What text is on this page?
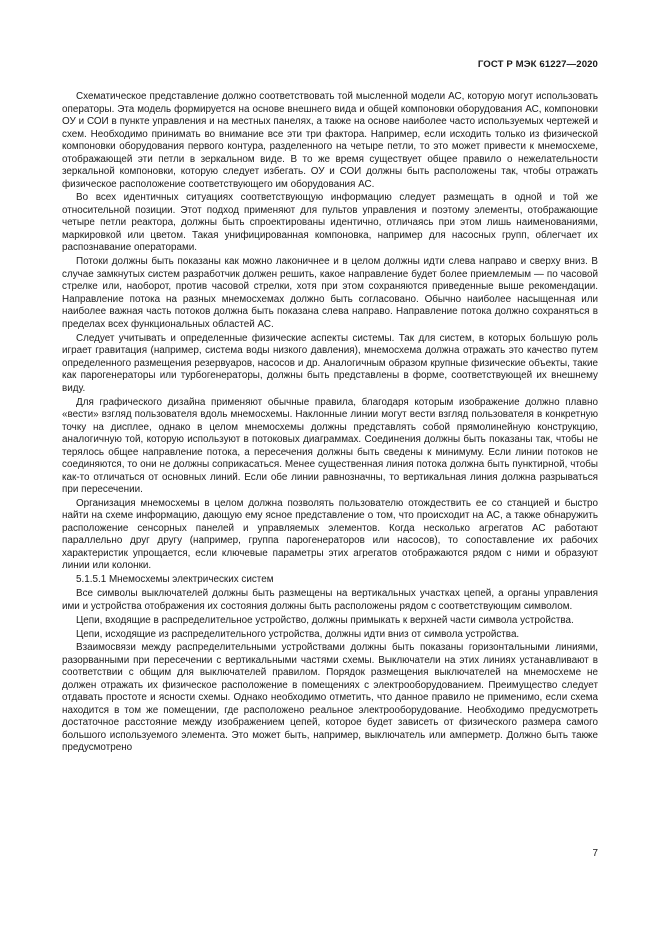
ГОСТ Р МЭК 61227—2020

Схематическое представление должно соответствовать той мысленной модели АС, которую могут использовать операторы. Эта модель формируется на основе внешнего вида и общей компоновки оборудования АС, компоновки ОУ и СОИ в пункте управления и на местных панелях, а также на основе наиболее часто используемых чертежей и схем. Необходимо принимать во внимание все эти три фактора. Например, если исходить только из физической компоновки оборудования первого контура, разделенного на четыре петли, то это может привести к мнемосхеме, отображающей эти петли в зеркальном виде. В то же время существует общее правило о нежелательности зеркальной компоновки, которую следует избегать. ОУ и СОИ должны быть расположены так, чтобы отражать физическое расположение соответствующего им оборудования АС.

Во всех идентичных ситуациях соответствующую информацию следует размещать в одной и той же относительной позиции. Этот подход применяют для пультов управления и поэтому элементы, отображающие четыре петли реактора, должны быть спроектированы идентично, отличаясь при этом лишь наименованиями, маркировкой или цветом. Такая унифицированная компоновка, например для насосных групп, облегчает их распознавание операторами.

Потоки должны быть показаны как можно лаконичнее и в целом должны идти слева направо и сверху вниз. В случае замкнутых систем разработчик должен решить, какое направление будет более приемлемым — по часовой стрелке или, наоборот, против часовой стрелки, хотя при этом сохраняются приведенные выше рекомендации. Направление потока на разных мнемосхемах должно быть согласовано. Обычно наиболее насыщенная или наиболее важная часть потоков должна быть показана слева направо. Направление потока должно сохраняться в пределах всех функциональных областей АС.

Следует учитывать и определенные физические аспекты системы. Так для систем, в которых большую роль играет гравитация (например, система воды низкого давления), мнемосхема должна отражать это качество путем определенного размещения резервуаров, насосов и др. Аналогичным образом крупные физические объекты, такие как парогенераторы или турбогенераторы, должны быть представлены в форме, соответствующей их внешнему виду.

Для графического дизайна применяют обычные правила, благодаря которым изображение должно плавно «вести» взгляд пользователя вдоль мнемосхемы. Наклонные линии могут вести взгляд пользователя в конкретную точку на дисплее, однако в целом мнемосхемы должны представлять собой прямолинейную конструкцию, аналогичную той, которую используют в потоковых диаграммах. Соединения должны быть показаны так, чтобы не терялось общее направление потока, а пересечения должны быть сведены к минимуму. Если линии потоков не соединяются, то они не должны соприкасаться. Менее существенная линия потока должна быть пунктирной, чтобы как-то отличаться от основных линий. Если обе линии равнозначны, то вертикальная линия должна разрываться при пересечении.

Организация мнемосхемы в целом должна позволять пользователю отождествить ее со станцией и быстро найти на схеме информацию, дающую ему ясное представление о том, что происходит на АС, а также обнаружить расположение сенсорных панелей и управляемых элементов. Когда несколько агрегатов АС работают параллельно друг другу (например, группа парогенераторов или насосов), то сопоставление их рабочих характеристик упрощается, если ключевые параметры этих агрегатов отображаются рядом с ними и образуют линии или колонки.

5.1.5.1 Мнемосхемы электрических систем

Все символы выключателей должны быть размещены на вертикальных участках цепей, а органы управления ими и устройства отображения их состояния должны быть расположены рядом с соответствующим символом.

Цепи, входящие в распределительное устройство, должны примыкать к верхней части символа устройства.

Цепи, исходящие из распределительного устройства, должны идти вниз от символа устройства.

Взаимосвязи между распределительными устройствами должны быть показаны горизонтальными линиями, разорванными при пересечении с вертикальными частями схемы. Выключатели на этих линиях устанавливают в соответствии с общим для выключателей правилом. Порядок размещения выключателей на мнемосхеме не должен отражать их физическое расположение в помещениях с электрооборудованием. Преимущество следует отдавать простоте и ясности схемы. Однако необходимо отметить, что данное правило не применимо, если схема находится в том же помещении, где расположено реальное электрооборудование. Необходимо предусмотреть достаточное расстояние между изображением цепей, которое будет зависеть от физического размера самого большого используемого элемента. Это может быть, например, выключатель или амперметр. Должно быть также предусмотрено

7
